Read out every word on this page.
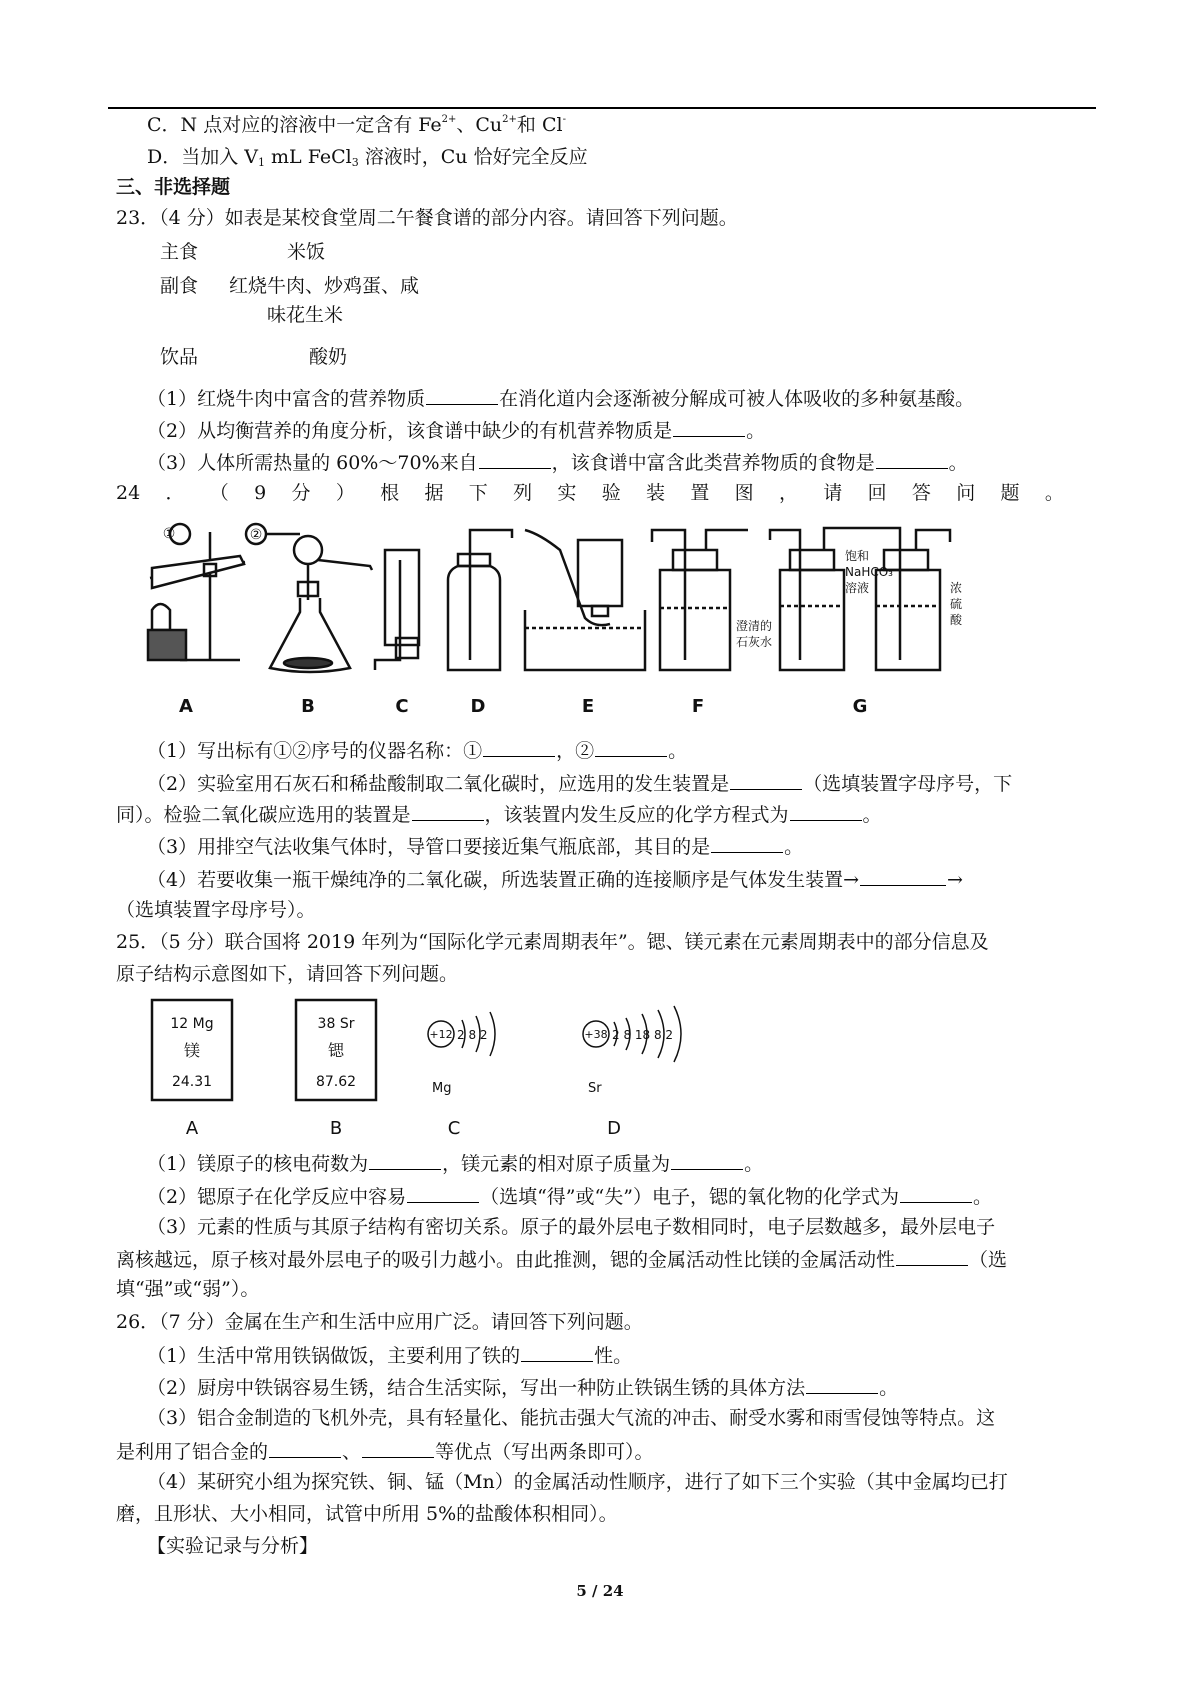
C．N 点对应的溶液中一定含有 $Fe^{2+}$、$Cu^{2+}$和 Cl-
D．当加入 $V_1$ mL FeCl$_3$ 溶液时，Cu 恰好完全反应
三、非选择题
23．（4 分）如表是某校食堂周二午餐食谱的部分内容。请回答下列问题。
主食	米饭
副食 红烧牛肉、炒鸡蛋、咸
味花生米
饮品	酸奶
（1）红烧牛肉中富含的营养物质	在消化道内会逐渐被分解成可被人体吸收的多种氨基酸。
（2）从均衡营养的角度分析，该食谱中缺少的有机营养物质是	。
（3）人体所需热量的 60%～70%来自	，该食谱中富含此类营养物质的食物是	。
24 ． （ 9 分 ） 根 据 下 列 实 验 装 置 图 ， 请 回 答 问 题 。
①	②
澄清的
石灰水
饱和
NaHCO₃
溶液	浓
硫
酸
A	B	C	D	E	F	G
（1）写出标有①②序号的仪器名称：①	，②	。
（2）实验室用石灰石和稀盐酸制取二氧化碳时，应选用的发生装置是	（选填装置字母序号，下
同）。检验二氧化碳应选用的装置是	，该装置内发生反应的化学方程式为	。
（3）用排空气法收集气体时，导管口要接近集气瓶底部，其目的是	。
（4）若要收集一瓶干燥纯净的二氧化碳，所选装置正确的连接顺序是气体发生装置→	→
（选填装置字母序号）。
25．（5 分）联合国将 2019 年列为“国际化学元素周期表年”。锶、镁元素在元素周期表中的部分信息及
原子结构示意图如下，请回答下列问题。
12 Mg
镁
24.31
38 Sr
锶
87.62
+12 2 8 2
Mg
+38 2 8 18 8 2
Sr
A	B	C	D
（1）镁原子的核电荷数为	，镁元素的相对原子质量为	。
（2）锶原子在化学反应中容易	（选填“得”或“失”）电子，锶的氧化物的化学式为	。
（3）元素的性质与其原子结构有密切关系。原子的最外层电子数相同时，电子层数越多，最外层电子
离核越远，原子核对最外层电子的吸引力越小。由此推测，锶的金属活动性比镁的金属活动性	（选
填“强”或“弱”）。
26．（7 分）金属在生产和生活中应用广泛。请回答下列问题。
（1）生活中常用铁锅做饭，主要利用了铁的	性。
（2）厨房中铁锅容易生锈，结合生活实际，写出一种防止铁锅生锈的具体方法	。
（3）铝合金制造的飞机外壳，具有轻量化、能抗击强大气流的冲击、耐受水雾和雨雪侵蚀等特点。这
是利用了铝合金的	、	等优点（写出两条即可）。
（4）某研究小组为探究铁、铜、锰（Mn）的金属活动性顺序，进行了如下三个实验（其中金属均已打
磨，且形状、大小相同，试管中所用 5%的盐酸体积相同）。
【实验记录与分析】
5 / 24
